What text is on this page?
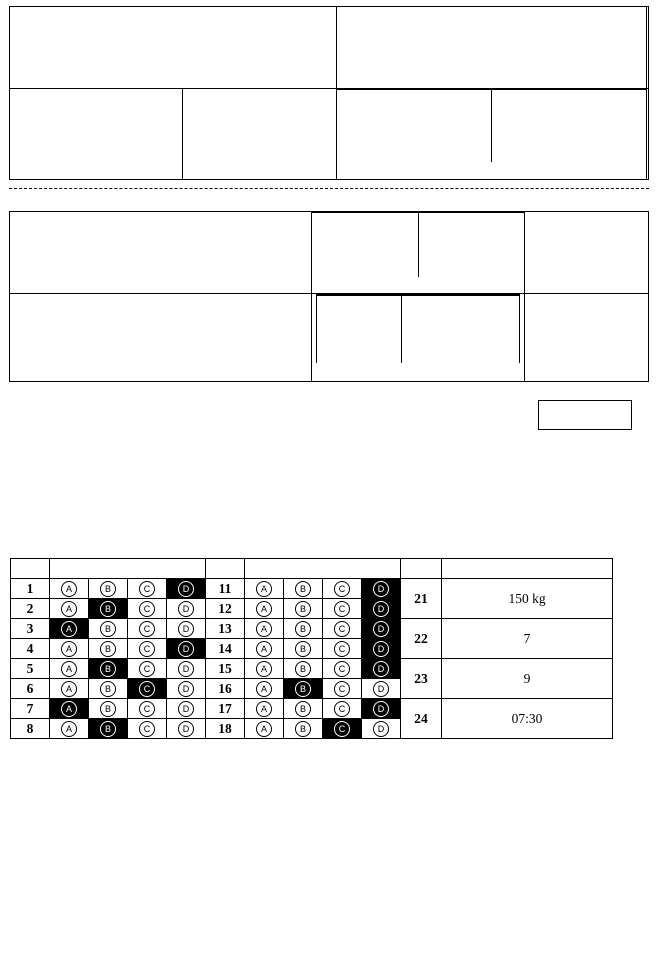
1	A	B	C	D	11	A	B	C	D	21	150 kg
2	A	B	C	D	12	A	B	C	D		
3	A	B	C	D	13	A	B	C	D	22	7
4	A	B	C	D	14	A	B	C	D		
5	A	B	C	D	15	A	B	C	D	23	9
6	A	B	C	D	16	A	B	C	D		
7	A	B	C	D	17	A	B	C	D	24	07:30
8	A	B	C	D	18	A	B	C	D		
